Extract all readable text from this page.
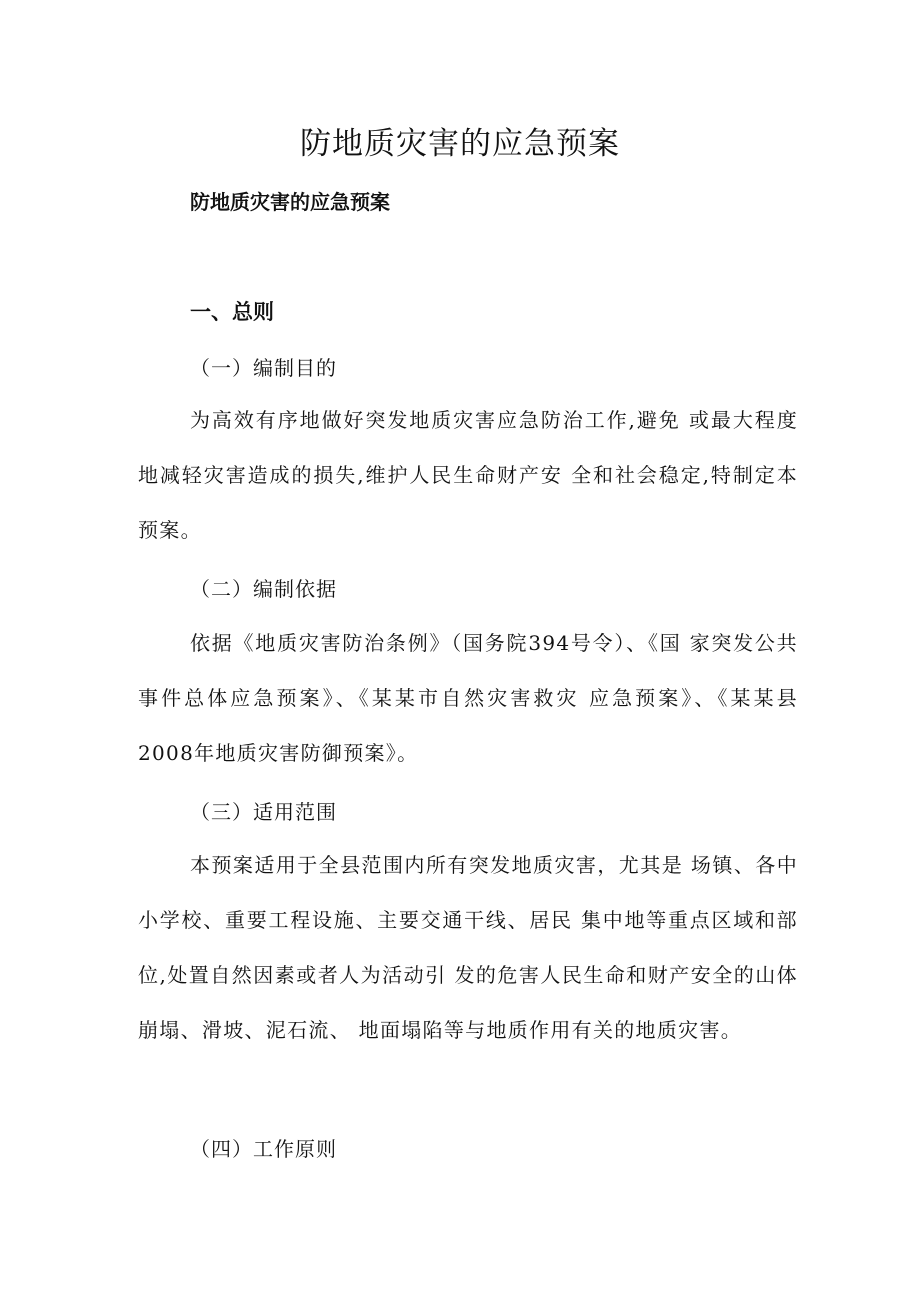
防地质灾害的应急预案
防地质灾害的应急预案
一、总则

（一）编制目的

为高效有序地做好突发地质灾害应急防治工作,避免 或最大程度地减轻灾害造成的损失,维护人民生命财产安 全和社会稳定,特制定本预案。

（二）编制依据

依据《地质灾害防治条例》（国务院394号令）、《国 家突发公共事件总体应急预案》、《某某市自然灾害救灾 应急预案》、《某某县2008年地质灾害防御预案》。

（三）适用范围

本预案适用于全县范围内所有突发地质灾害，尤其是 场镇、各中小学校、重要工程设施、主要交通干线、居民 集中地等重点区域和部位,处置自然因素或者人为活动引 发的危害人民生命和财产安全的山体崩塌、滑坡、泥石流、 地面塌陷等与地质作用有关的地质灾害。

（四）工作原则
